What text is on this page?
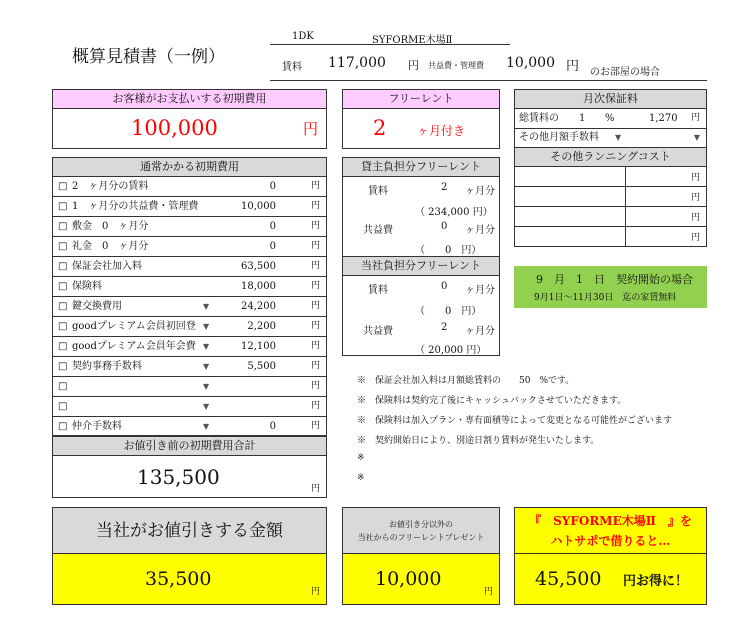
概算見積書（一例）
1DK	SYFORME木場Ⅱ
賃料 117,000 円 共益費・管理費 10,000 円 のお部屋の場合
お客様がお支払いする初期費用
100,000	円
フリーレント
2	ヶ月付き
月次保証料
総賃料の 1 %	1,270 円
その他月額手数料 ▼	▼
その他ランニングコスト
円
円
円
円
通常かかる初期費用
□ 2　ヶ月分の賃料	0	円
□ 1　ヶ月分の共益費・管理費	10,000	円
□ 敷金　0　ヶ月分	0	円
□ 礼金　0　ヶ月分	0	円
□ 保証会社加入料	63,500	円
□ 保険料	18,000	円
□ 鍵交換費用	▼	24,200	円
□ goodプレミアム会員初回登 ▼	2,200	円
□ goodプレミアム会員年会費 ▼	12,100	円
□ 契約事務手数料	▼	5,500	円
□	▼	円
□	▼	円
□ 仲介手数料	▼	0	円
お値引き前の初期費用合計
135,500	円
貸主負担分フリーレント
賃料	2 ヶ月分
（ 234,000 円）
共益費	0 ヶ月分
（　　0　円）
当社負担分フリーレント
賃料	0 ヶ月分
（　　0　円）
共益費	2 ヶ月分
（ 20,000 円）
9　月　1　日　契約開始の場合
9月1日～11月30日　迄の家賃無料
※　保証会社加入料は月額総賃料の　　50　%です。
※　保険料は契約完了後にキャッシュバックさせていただきます。
※　保険料は加入プラン・専有面積等によって変更となる可能性がございます
※　契約開始日により、別途日割り賃料が発生いたします。
※
※
当社がお値引きする金額
35,500
円
お値引き分以外の
当社からのフリーレントプレゼント
10,000
円
『　SYFORME木場Ⅱ　』を
ハトサポで借りると…
45,500 円お得に！
